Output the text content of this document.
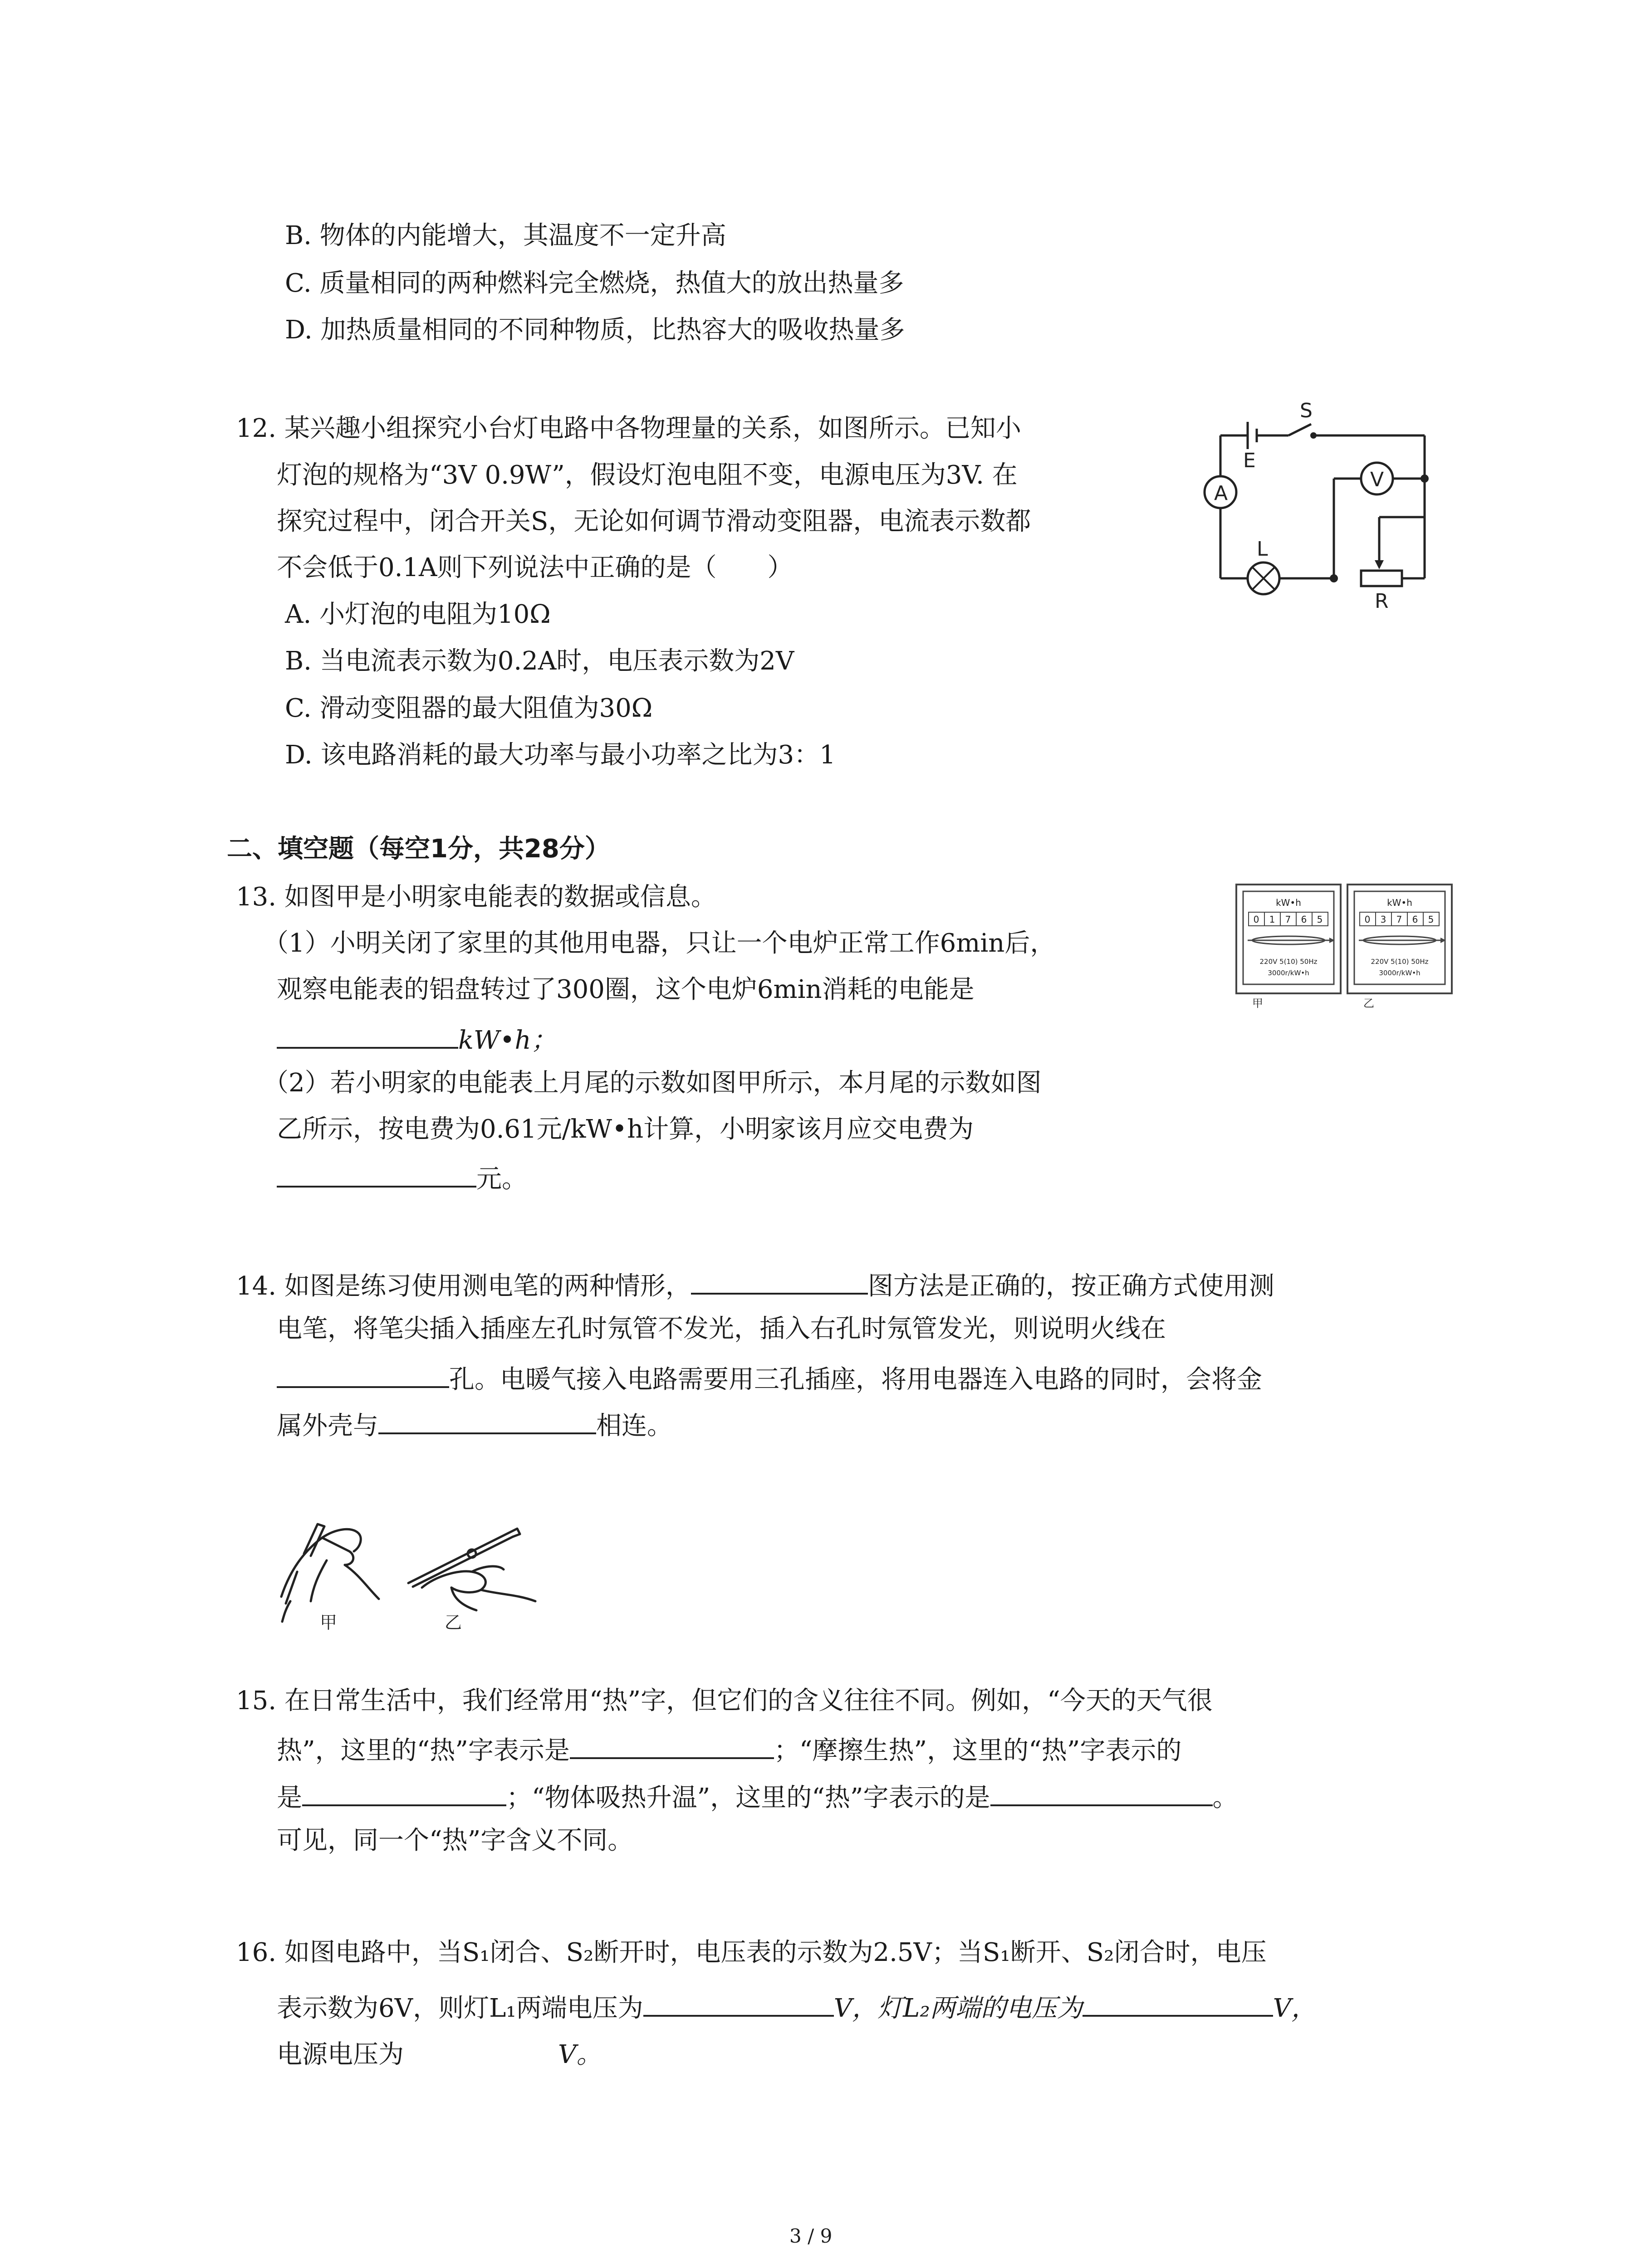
B. 物体的内能增大，其温度不一定升高
C. 质量相同的两种燃料完全燃烧，热值大的放出热量多
D. 加热质量相同的不同种物质，比热容大的吸收热量多
12. 某兴趣小组探究小台灯电路中各物理量的关系，如图所示。已知小
灯泡的规格为“3V 0.9W”，假设灯泡电阻不变，电源电压为3V. 在
探究过程中，闭合开关S，无论如何调节滑动变阻器，电流表示数都
不会低于0.1A则下列说法中正确的是（　　）
A. 小灯泡的电阻为10Ω
B. 当电流表示数为0.2A时，电压表示数为2V
C. 滑动变阻器的最大阻值为30Ω
D. 该电路消耗的最大功率与最小功率之比为3：1
E
S
A
V
L
R
二、填空题（每空1分，共28分）
13. 如图甲是小明家电能表的数据或信息。
（1）小明关闭了家里的其他用电器，只让一个电炉正常工作6min后，
观察电能表的铝盘转过了300圈，这个电炉6min消耗的电能是
kW•h；
（2）若小明家的电能表上月尾的示数如图甲所示，本月尾的示数如图
乙所示，按电费为0.61元/kW•h计算，小明家该月应交电费为
元。
kW•h
0 1 7 6 5
220V 5(10) 50Hz
3000r/kW•h
甲
kW•h
0 3 7 6 5
220V 5(10) 50Hz
3000r/kW•h
乙
14. 如图是练习使用测电笔的两种情形，	图方法是正确的，按正确方式使用测
电笔，将笔尖插入插座左孔时氖管不发光，插入右孔时氖管发光，则说明火线在
孔。电暖气接入电路需要用三孔插座，将用电器连入电路的同时，会将金
属外壳与	相连。
甲	乙
15. 在日常生活中，我们经常用“热”字，但它们的含义往往不同。例如，“今天的天气很
热”，这里的“热”字表示是	；“摩擦生热”，这里的“热”字表示的
是	；“物体吸热升温”，这里的“热”字表示的是	。
可见，同一个“热”字含义不同。
16. 如图电路中，当S₁闭合、S₂断开时，电压表的示数为2.5V；当S₁断开、S₂闭合时，电压
表示数为6V，则灯L₁两端电压为	V，灯L₂两端的电压为	V，
电源电压为	V。
3 / 9
